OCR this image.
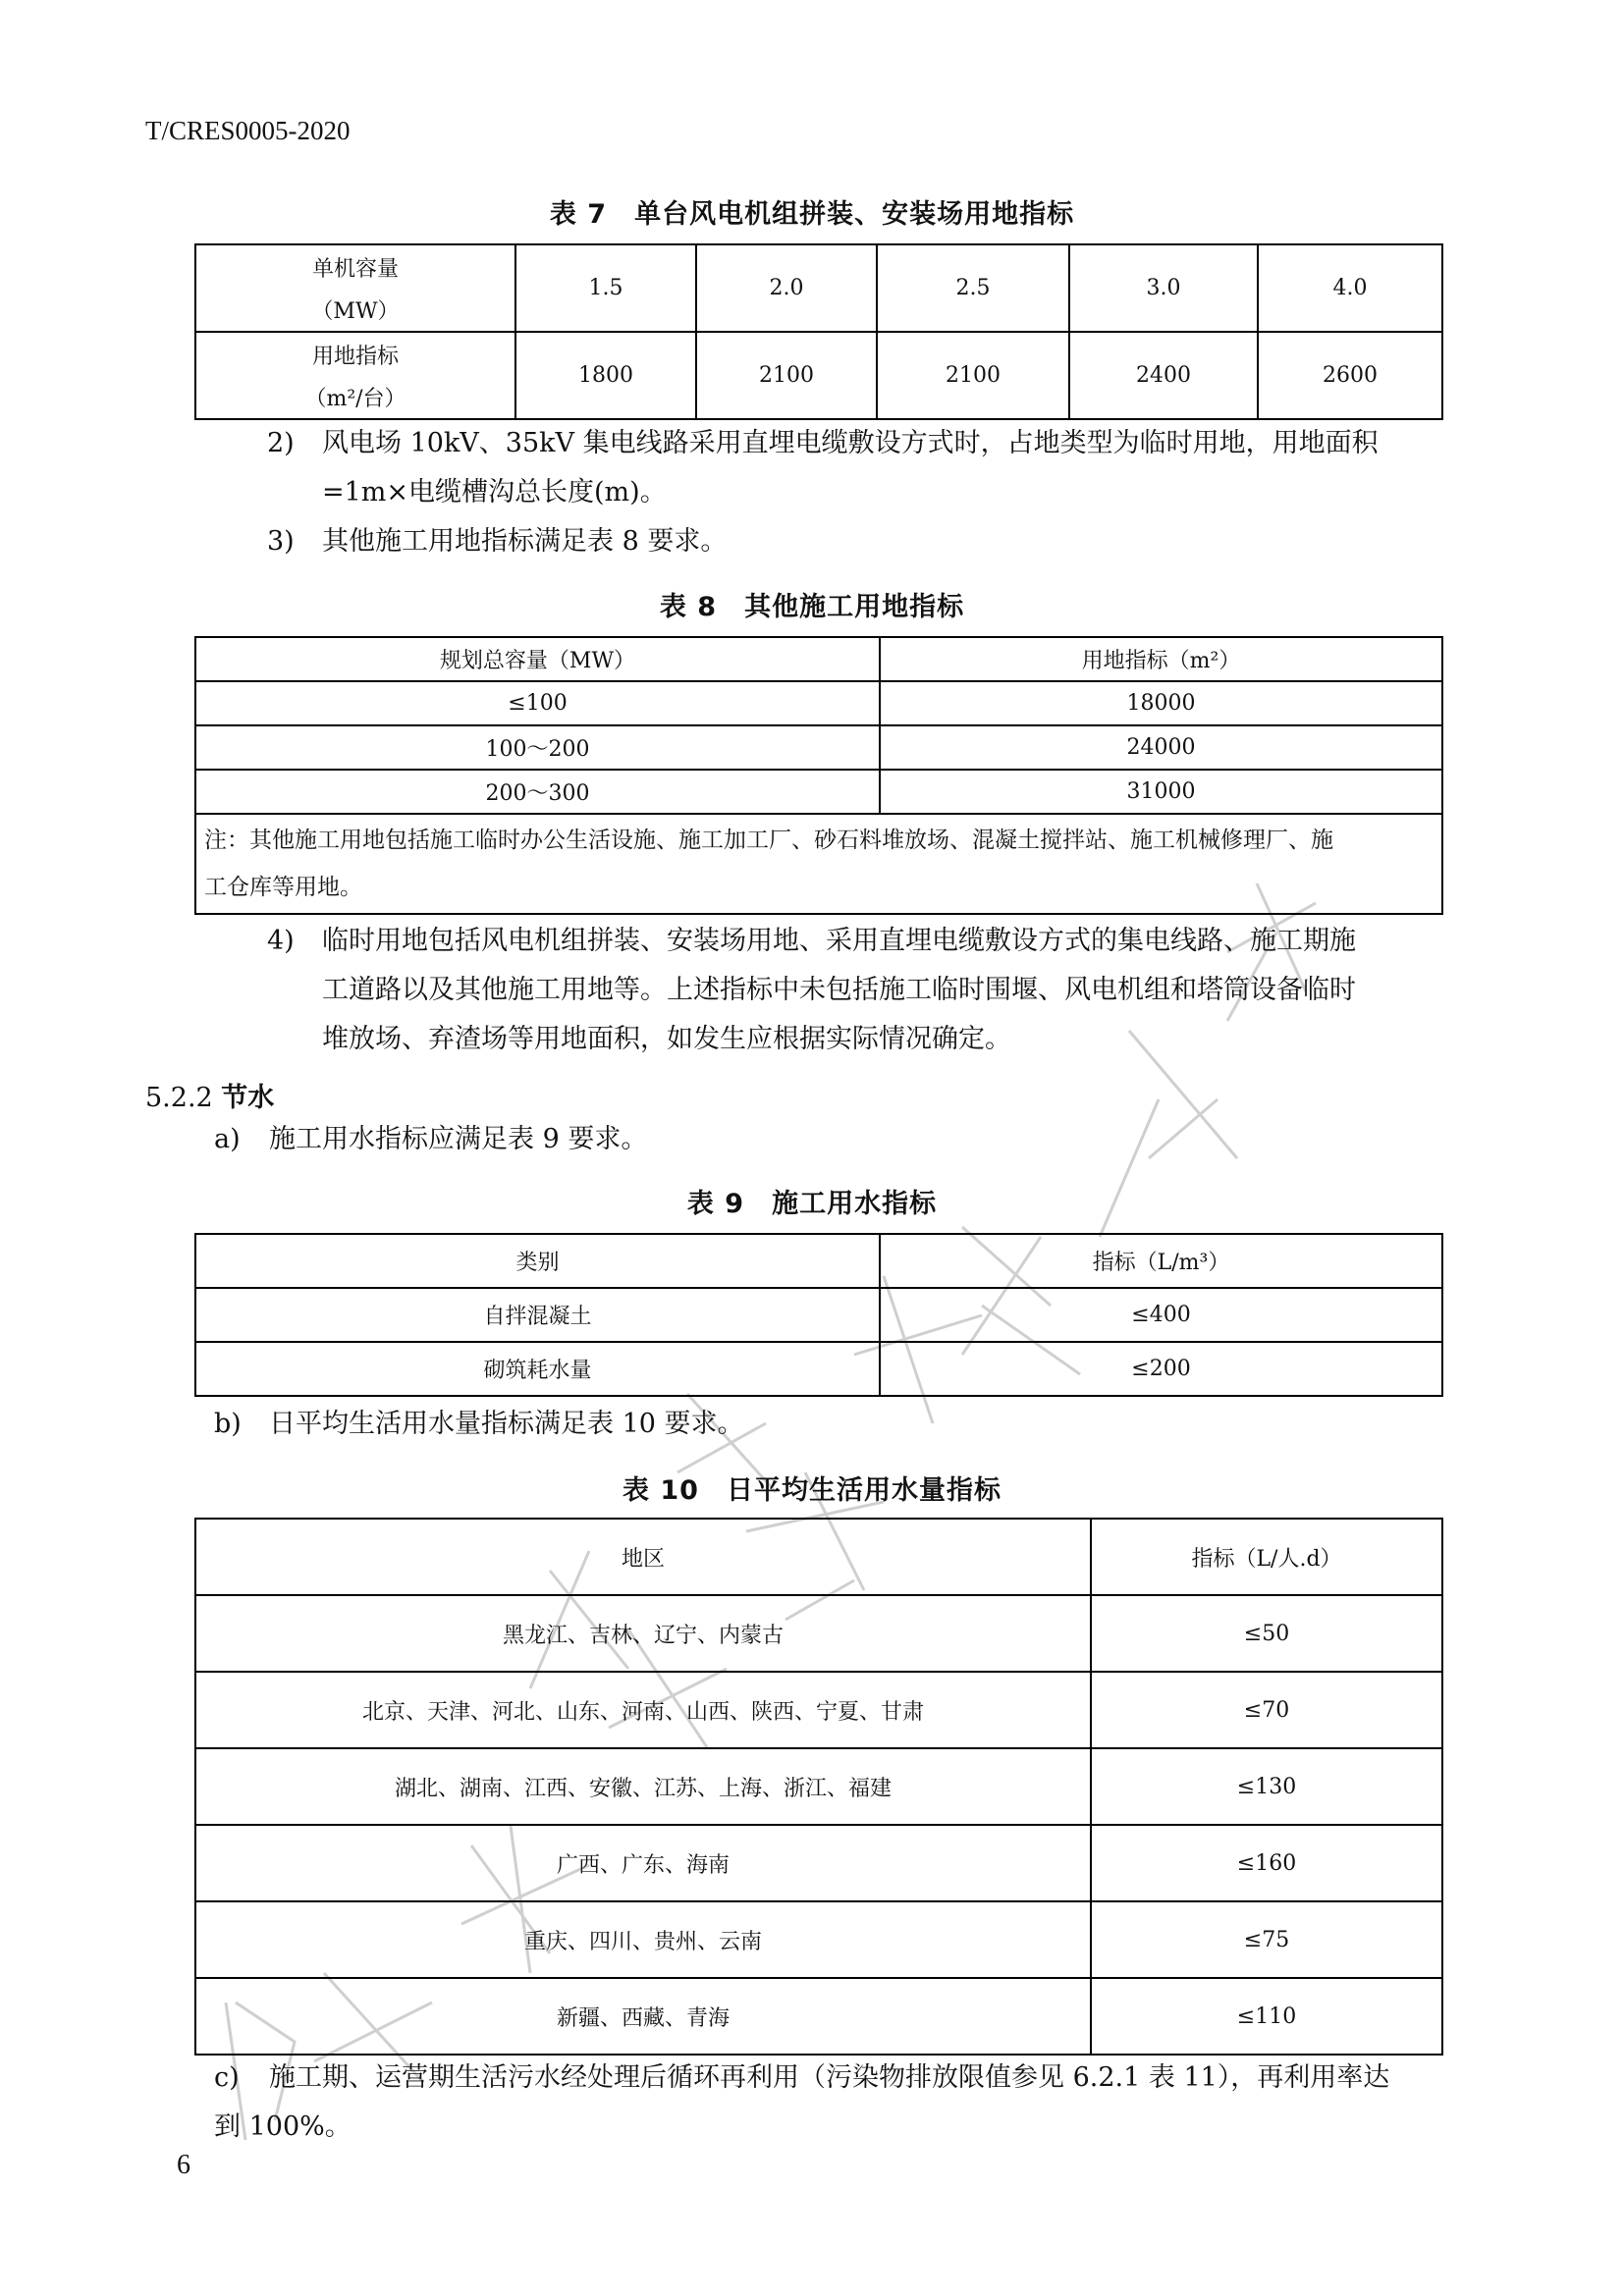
T/CRES0005-2020
表 7　单台风电机组拼装、安装场用地指标
单机容量
（MW）	1.5	2.0	2.5	3.0	4.0

用地指标
（m²/台）	1800	2100	2100	2400	2600
2) 风电场 10kV、35kV 集电线路采用直埋电缆敷设方式时，占地类型为临时用地，用地面积
=1m×电缆槽沟总长度(m)。
3) 其他施工用地指标满足表 8 要求。
表 8　其他施工用地指标
规划总容量（MW）	用地指标（m²）
≤100	18000
100～200	24000
200～300	31000

注：其他施工用地包括施工临时办公生活设施、施工加工厂、砂石料堆放场、混凝土搅拌站、施工机械修理厂、施
工仓库等用地。	
4) 临时用地包括风电机组拼装、安装场用地、采用直埋电缆敷设方式的集电线路、施工期施
工道路以及其他施工用地等。上述指标中未包括施工临时围堰、风电机组和塔筒设备临时
堆放场、弃渣场等用地面积，如发生应根据实际情况确定。
5.2.2 节水
a) 施工用水指标应满足表 9 要求。
表 9　施工用水指标
类别	指标（L/m³）
自拌混凝土	≤400
砌筑耗水量	≤200
b) 日平均生活用水量指标满足表 10 要求。
表 10　日平均生活用水量指标
地区	指标（L/人.d）
黑龙江、吉林、辽宁、内蒙古	≤50
北京、天津、河北、山东、河南、山西、陕西、宁夏、甘肃	≤70
湖北、湖南、江西、安徽、江苏、上海、浙江、福建	≤130
广西、广东、海南	≤160
重庆、四川、贵州、云南	≤75
新疆、西藏、青海	≤110
c) 施工期、运营期生活污水经处理后循环再利用（污染物排放限值参见 6.2.1 表 11），再利用率达
到 100%。
6
